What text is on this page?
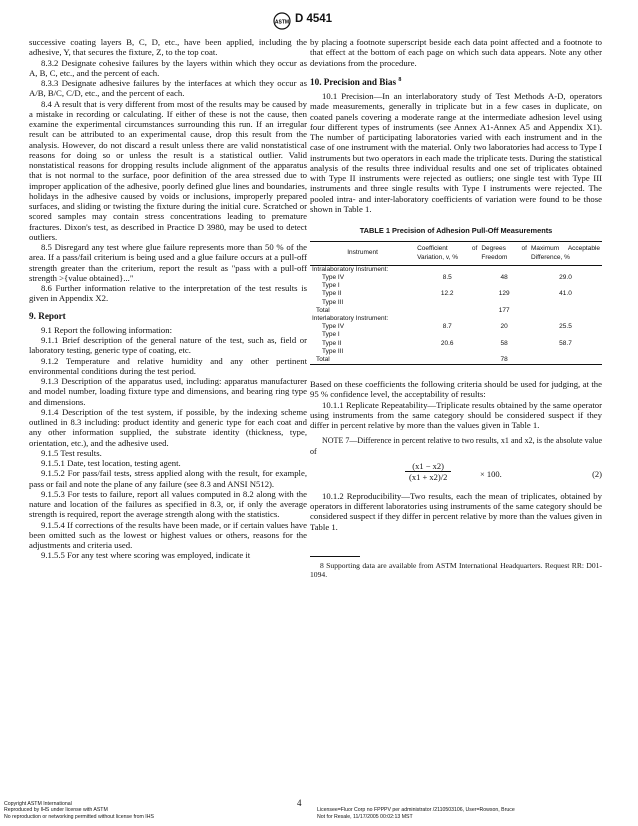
ASTM D 4541

successive coating layers B, C, D, etc., have been applied, including the adhesive, Y, that secures the fixture, Z, to the top coat.

8.3.2 Designate cohesive failures by the layers within which they occur as A, B, C, etc., and the percent of each.

8.3.3 Designate adhesive failures by the interfaces at which they occur as A/B, B/C, C/D, etc., and the percent of each.

8.4 A result that is very different from most of the results may be caused by a mistake in recording or calculating. If either of these is not the cause, then examine the experimental circumstances surrounding this run. If an irregular result can be attributed to an experimental cause, drop this result from the analysis. However, do not discard a result unless there are valid nonstatistical reasons for doing so or unless the result is a statistical outlier. Valid nonstatistical reasons for dropping results include alignment of the apparatus that is not normal to the surface, poor definition of the area stressed due to improper application of the adhesive, poorly defined glue lines and boundaries, holidays in the adhesive caused by voids or inclusions, improperly prepared surfaces, and sliding or twisting the fixture during the initial cure. Scratched or scored samples may contain stress concentrations leading to premature fractures. Dixon's test, as described in Practice D 3980, may be used to detect outliers.

8.5 Disregard any test where glue failure represents more than 50 % of the area. If a pass/fail criterium is being used and a glue failure occurs at a pull-off strength greater than the criterium, report the result as "pass with a pull-off strength >{value obtained}..."

8.6 Further information relative to the interpretation of the test results is given in Appendix X2.

9. Report

9.1 Report the following information:

9.1.1 Brief description of the general nature of the test, such as, field or laboratory testing, generic type of coating, etc.

9.1.2 Temperature and relative humidity and any other pertinent environmental conditions during the test period.

9.1.3 Description of the apparatus used, including: apparatus manufacturer and model number, loading fixture type and dimensions, and bearing ring type and dimensions.

9.1.4 Description of the test system, if possible, by the indexing scheme outlined in 8.3 including: product identity and generic type for each coat and any other information supplied, the substrate identity (thickness, type, orientation, etc.), and the adhesive used.

9.1.5 Test results.

9.1.5.1 Date, test location, testing agent.

9.1.5.2 For pass/fail tests, stress applied along with the result, for example, pass or fail and note the plane of any failure (see 8.3 and ANSI N512).

9.1.5.3 For tests to failure, report all values computed in 8.2 along with the nature and location of the failures as specified in 8.3, or, if only the average strength is required, report the average strength along with the statistics.

9.1.5.4 If corrections of the results have been made, or if certain values have been omitted such as the lowest or highest values or others, reasons for the adjustments and criteria used.

9.1.5.5 For any test where scoring was employed, indicate it

by placing a footnote superscript beside each data point affected and a footnote to that effect at the bottom of each page on which such data appears. Note any other deviations from the procedure.

10. Precision and Bias $^8$

10.1 Precision—In an interlaboratory study of Test Methods A-D, operators made measurements, generally in triplicate but in a few cases in duplicate, on coated panels covering a moderate range at the intermediate adhesion level using four different types of instruments (see Annex A1-Annex A5 and Appendix X1). The number of participating laboratories varied with each instrument and in the case of one instrument with the material. Only two laboratories had access to Type I instruments but two operators in each made the triplicate tests. During the statistical analysis of the results three individual results and one set of triplicates obtained with Type II instruments were rejected as outliers; one single test with Type III instruments and three single results with Type I instruments were rejected. The pooled intra- and inter-laboratory coefficients of variation were found to be those shown in Table 1.

TABLE 1 Precision of Adhesion Pull-Off Measurements

Instrument	Coefficient of Variation, v, %	Degrees of Freedom	Maximum Acceptable Difference, %
Intralaboratory Instrument:			
Type IV	8.5	48	29.0
Type I			
Type II	12.2	129	41.0
Type III			
Total		177	
Interlaboratory Instrument:			
Type IV	8.7	20	25.5
Type I			
Type II	20.6	58	58.7
Type III			
Total		78	

Based on these coefficients the following criteria should be used for judging, at the 95 % confidence level, the acceptability of results:

10.1.1 Replicate Repeatability—Triplicate results obtained by the same operator using instruments from the same category should be considered suspect if they differ in percent relative by more than the values given in Table 1.

NOTE 7—Difference in percent relative to two results, x1 and x2, is the absolute value of

$\frac{(x1 - x2)}{(x1 + x2)/2}$	× 100.	(2)

10.1.2 Reproducibility—Two results, each the mean of triplicates, obtained by operators in different laboratories using instruments of the same category should be considered suspect if they differ in percent relative by more than the values given in Table 1.

8 Supporting data are available from ASTM International Headquarters. Request RR: D01-1094.

4
Copyright ASTM International
Reproduced by IHS under license with ASTM
No reproduction or networking permitted without license from IHS
Licensee=Fluor Corp no FPPPV per administrator /2110503106, User=Rowson, Bruce
Not for Resale, 11/17/2005 00:02:13 MST
